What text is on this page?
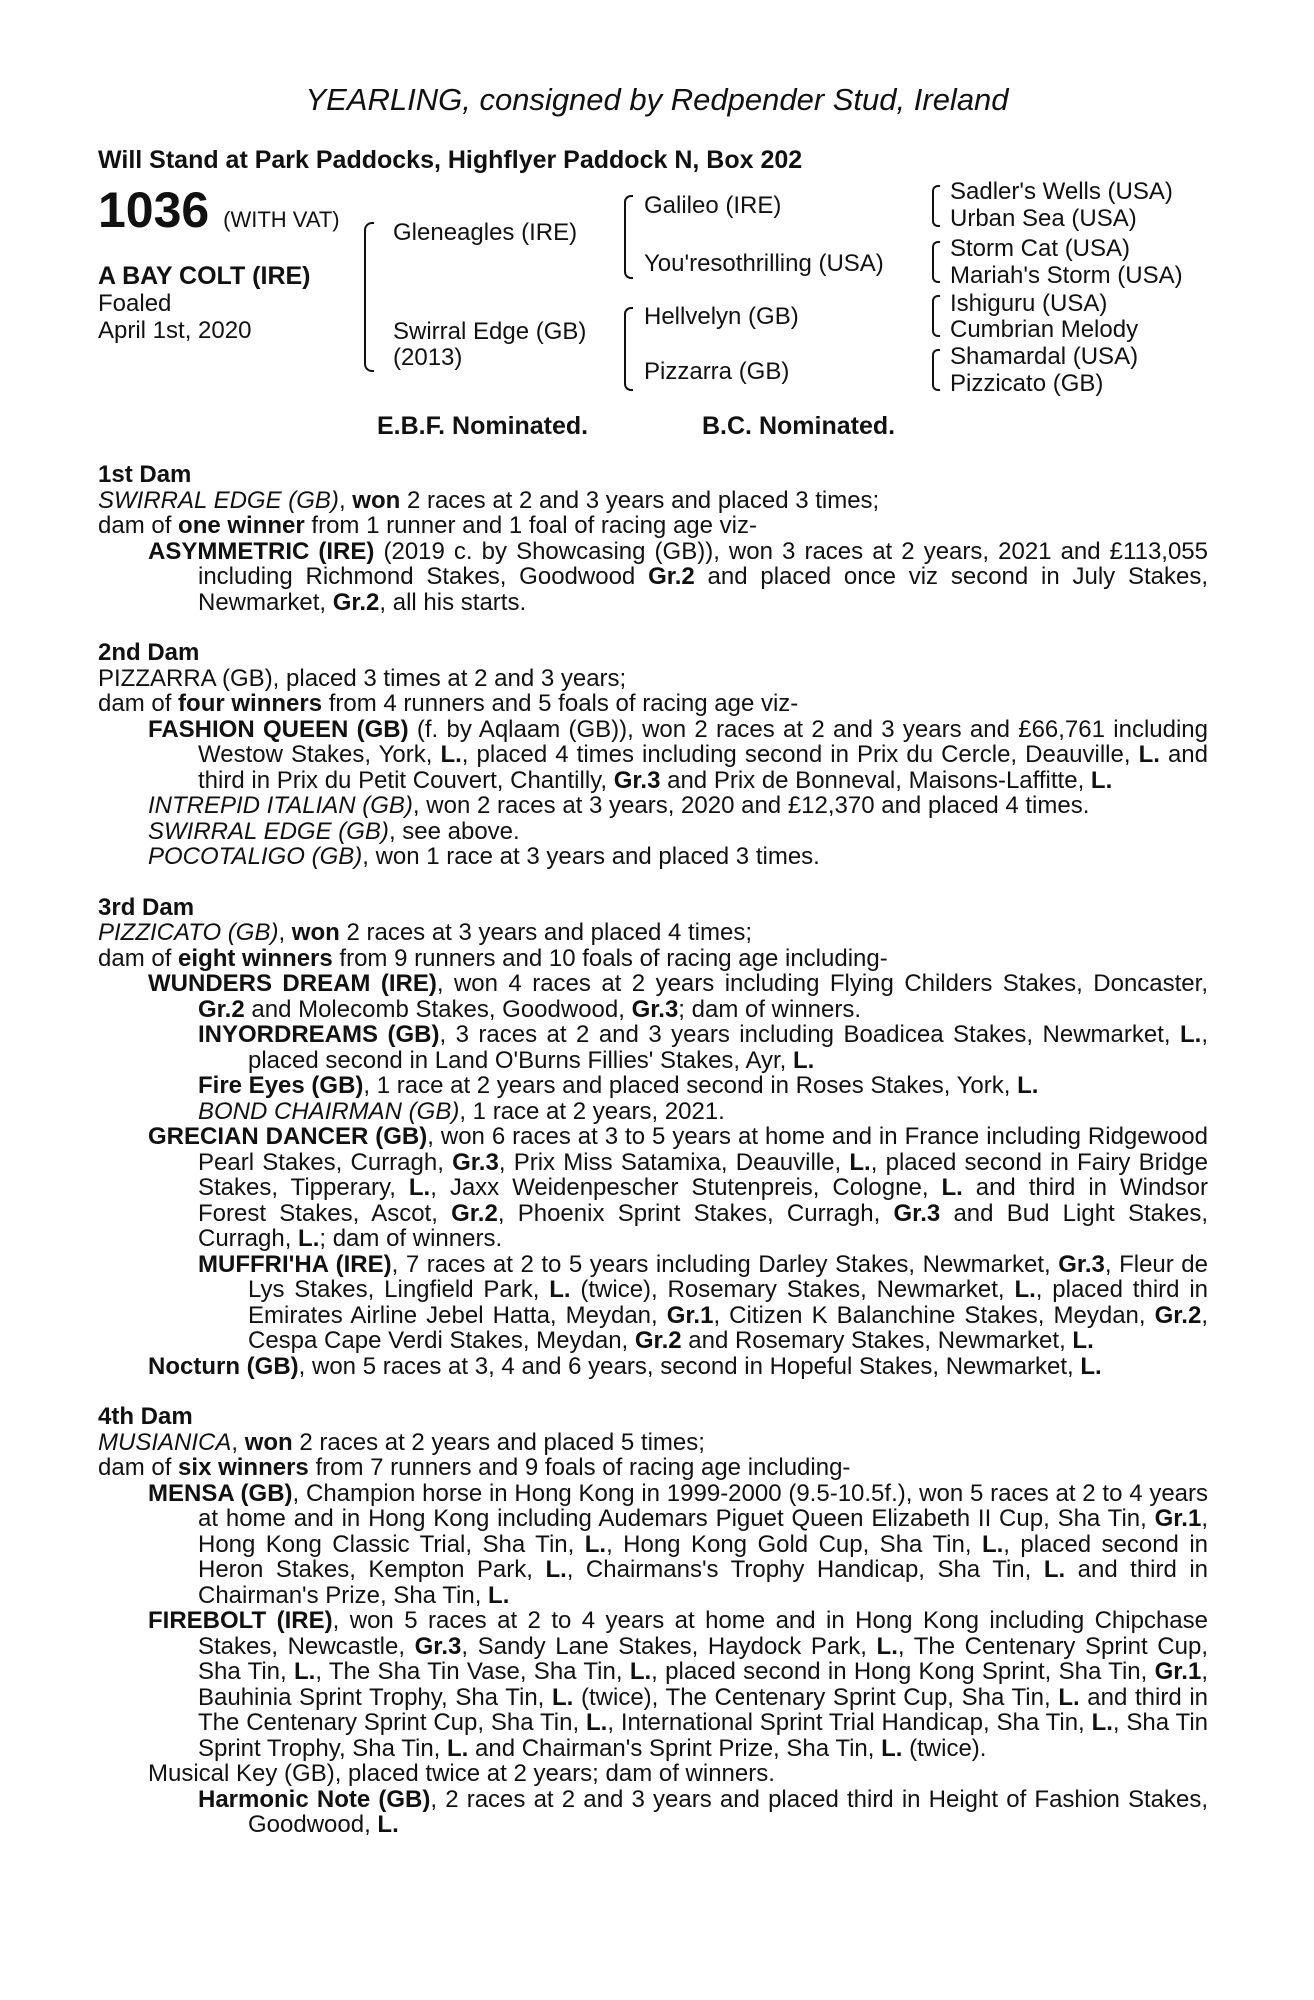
YEARLING, consigned by Redpender Stud, Ireland
Will Stand at Park Paddocks, Highflyer Paddock N, Box 202
1036 (WITH VAT)
A BAY COLT (IRE)
Foaled
April 1st, 2020
Gleneagles (IRE)
Swirral Edge (GB)
(2013)
Galileo (IRE)
You'resothrilling (USA)
Hellvelyn (GB)
Pizzarra (GB)
Sadler's Wells (USA)
Urban Sea (USA)
Storm Cat (USA)
Mariah's Storm (USA)
Ishiguru (USA)
Cumbrian Melody
Shamardal (USA)
Pizzicato (GB)
E.B.F. Nominated.	B.C. Nominated.
1st Dam
SWIRRAL EDGE (GB), won 2 races at 2 and 3 years and placed 3 times;
dam of one winner from 1 runner and 1 foal of racing age viz-
ASYMMETRIC (IRE) (2019 c. by Showcasing (GB)), won 3 races at 2 years, 2021 and £113,055 including Richmond Stakes, Goodwood Gr.2 and placed once viz second in July Stakes, Newmarket, Gr.2, all his starts.
2nd Dam
PIZZARRA (GB), placed 3 times at 2 and 3 years;
dam of four winners from 4 runners and 5 foals of racing age viz-
FASHION QUEEN (GB) (f. by Aqlaam (GB)), won 2 races at 2 and 3 years and £66,761 including Westow Stakes, York, L., placed 4 times including second in Prix du Cercle, Deauville, L. and third in Prix du Petit Couvert, Chantilly, Gr.3 and Prix de Bonneval, Maisons-Laffitte, L.
INTREPID ITALIAN (GB), won 2 races at 3 years, 2020 and £12,370 and placed 4 times.
SWIRRAL EDGE (GB), see above.
POCOTALIGO (GB), won 1 race at 3 years and placed 3 times.
3rd Dam
PIZZICATO (GB), won 2 races at 3 years and placed 4 times;
dam of eight winners from 9 runners and 10 foals of racing age including-
WUNDERS DREAM (IRE), won 4 races at 2 years including Flying Childers Stakes, Doncaster, Gr.2 and Molecomb Stakes, Goodwood, Gr.3; dam of winners.
INYORDREAMS (GB), 3 races at 2 and 3 years including Boadicea Stakes, Newmarket, L., placed second in Land O'Burns Fillies' Stakes, Ayr, L.
Fire Eyes (GB), 1 race at 2 years and placed second in Roses Stakes, York, L.
BOND CHAIRMAN (GB), 1 race at 2 years, 2021.
GRECIAN DANCER (GB), won 6 races at 3 to 5 years at home and in France including Ridgewood Pearl Stakes, Curragh, Gr.3, Prix Miss Satamixa, Deauville, L., placed second in Fairy Bridge Stakes, Tipperary, L., Jaxx Weidenpescher Stutenpreis, Cologne, L. and third in Windsor Forest Stakes, Ascot, Gr.2, Phoenix Sprint Stakes, Curragh, Gr.3 and Bud Light Stakes, Curragh, L.; dam of winners.
MUFFRI'HA (IRE), 7 races at 2 to 5 years including Darley Stakes, Newmarket, Gr.3, Fleur de Lys Stakes, Lingfield Park, L. (twice), Rosemary Stakes, Newmarket, L., placed third in Emirates Airline Jebel Hatta, Meydan, Gr.1, Citizen K Balanchine Stakes, Meydan, Gr.2, Cespa Cape Verdi Stakes, Meydan, Gr.2 and Rosemary Stakes, Newmarket, L.
Nocturn (GB), won 5 races at 3, 4 and 6 years, second in Hopeful Stakes, Newmarket, L.
4th Dam
MUSIANICA, won 2 races at 2 years and placed 5 times;
dam of six winners from 7 runners and 9 foals of racing age including-
MENSA (GB), Champion horse in Hong Kong in 1999-2000 (9.5-10.5f.), won 5 races at 2 to 4 years at home and in Hong Kong including Audemars Piguet Queen Elizabeth II Cup, Sha Tin, Gr.1, Hong Kong Classic Trial, Sha Tin, L., Hong Kong Gold Cup, Sha Tin, L., placed second in Heron Stakes, Kempton Park, L., Chairmans's Trophy Handicap, Sha Tin, L. and third in Chairman's Prize, Sha Tin, L.
FIREBOLT (IRE), won 5 races at 2 to 4 years at home and in Hong Kong including Chipchase Stakes, Newcastle, Gr.3, Sandy Lane Stakes, Haydock Park, L., The Centenary Sprint Cup, Sha Tin, L., The Sha Tin Vase, Sha Tin, L., placed second in Hong Kong Sprint, Sha Tin, Gr.1, Bauhinia Sprint Trophy, Sha Tin, L. (twice), The Centenary Sprint Cup, Sha Tin, L. and third in The Centenary Sprint Cup, Sha Tin, L., International Sprint Trial Handicap, Sha Tin, L., Sha Tin Sprint Trophy, Sha Tin, L. and Chairman's Sprint Prize, Sha Tin, L. (twice).
Musical Key (GB), placed twice at 2 years; dam of winners.
Harmonic Note (GB), 2 races at 2 and 3 years and placed third in Height of Fashion Stakes, Goodwood, L.
